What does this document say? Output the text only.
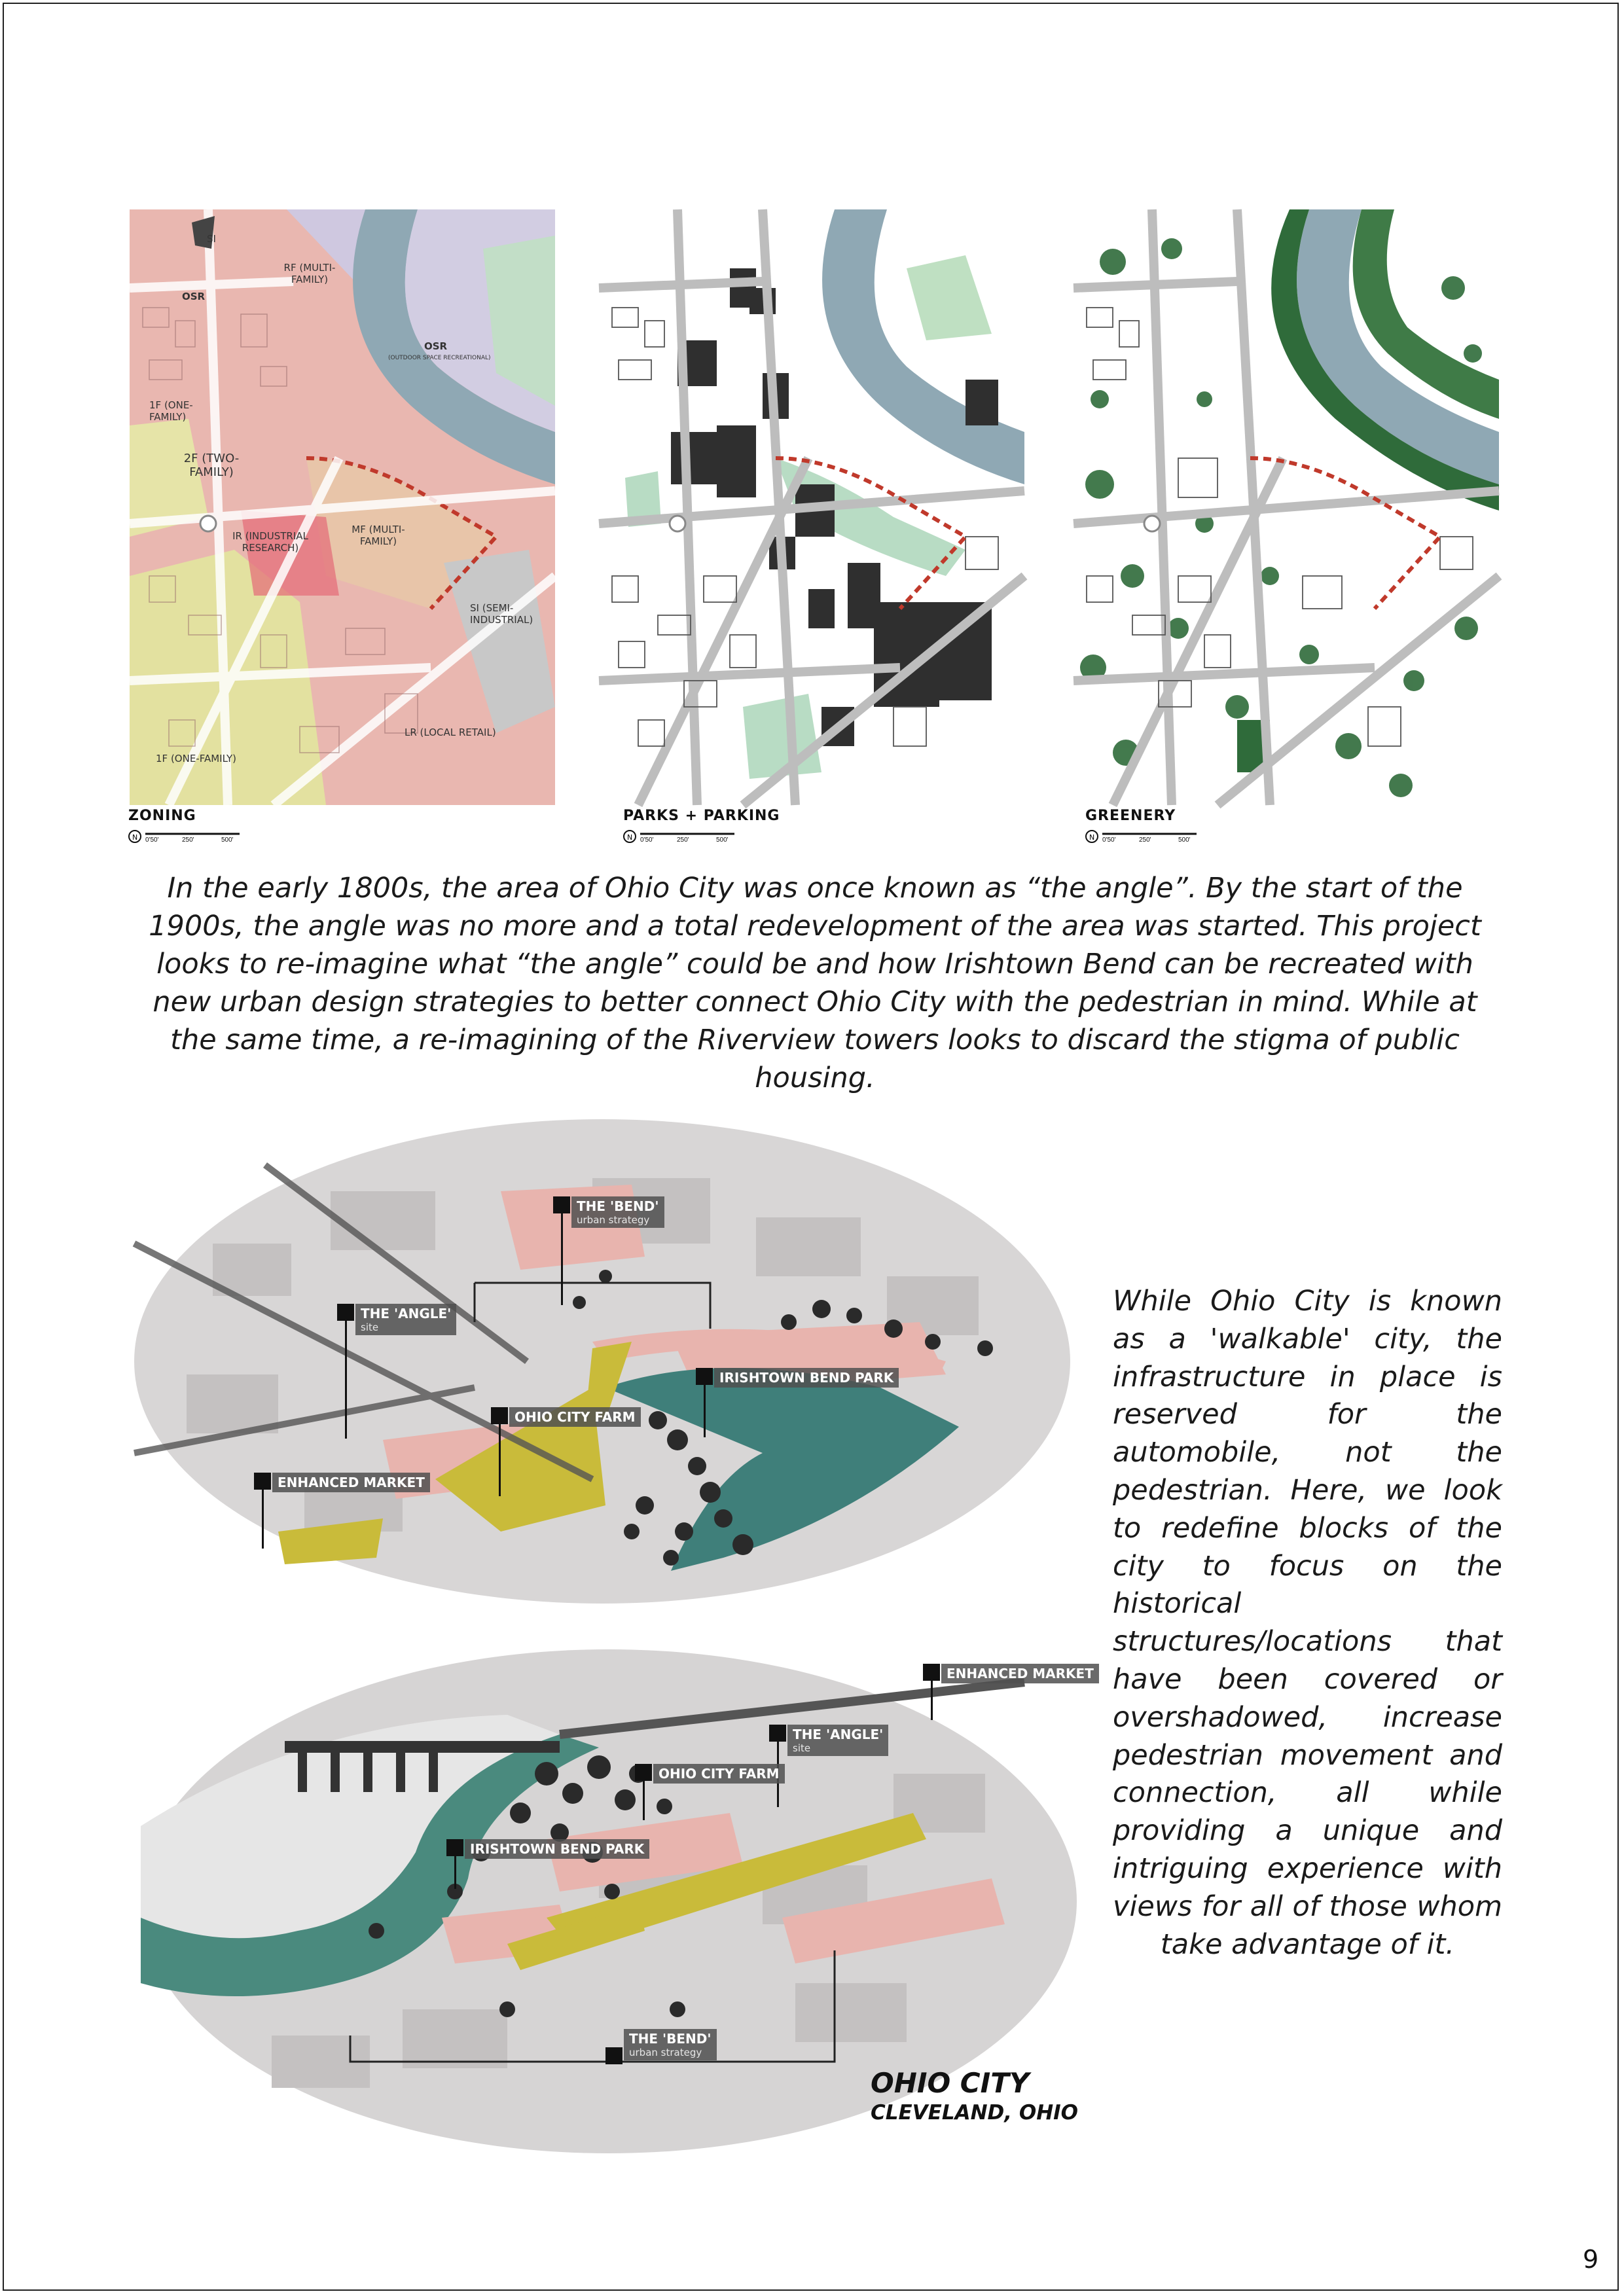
SI
OSR
RF (MULTI-FAMILY)
OSR
(OUTDOOR SPACE RECREATIONAL)
1F (ONE-FAMILY)
2F (TWO-FAMILY)
IR (INDUSTRIAL RESEARCH)
MF (MULTI-FAMILY)
SI (SEMI-INDUSTRIAL)
LR (LOCAL RETAIL)
1F (ONE-FAMILY)
ZONING
N 0'50'	250'	500'
PARKS + PARKING
N 0'50'	250'	500'
GREENERY
N 0'50'	250'	500'

In the early 1800s, the area of Ohio City was once known as “the angle”. By the start of the 1900s, the angle was no more and a total redevelopment of the area was started. This project looks to re-imagine what “the angle” could be and how Irishtown Bend can be recreated with new urban design strategies to better connect Ohio City with the pedestrian in mind. While at the same time, a re-imagining of the Riverview towers looks to discard the stigma of public housing.

THE 'BEND'
urban strategy
THE 'ANGLE'
site
IRISHTOWN BEND PARK
OHIO CITY FARM
ENHANCED MARKET

While Ohio City is known as a 'walkable' city, the infrastructure in place is reserved for the automobile, not the pedestrian. Here, we look to redefine blocks of the city to focus on the historical structures/locations that have been covered or overshadowed, increase pedestrian movement and connection, all while providing a unique and intriguing experience with views for all of those whom take advantage of it.

ENHANCED MARKET
THE 'ANGLE'
site
OHIO CITY FARM
IRISHTOWN BEND PARK
THE 'BEND'
urban strategy
OHIO CITY
CLEVELAND, OHIO
9
